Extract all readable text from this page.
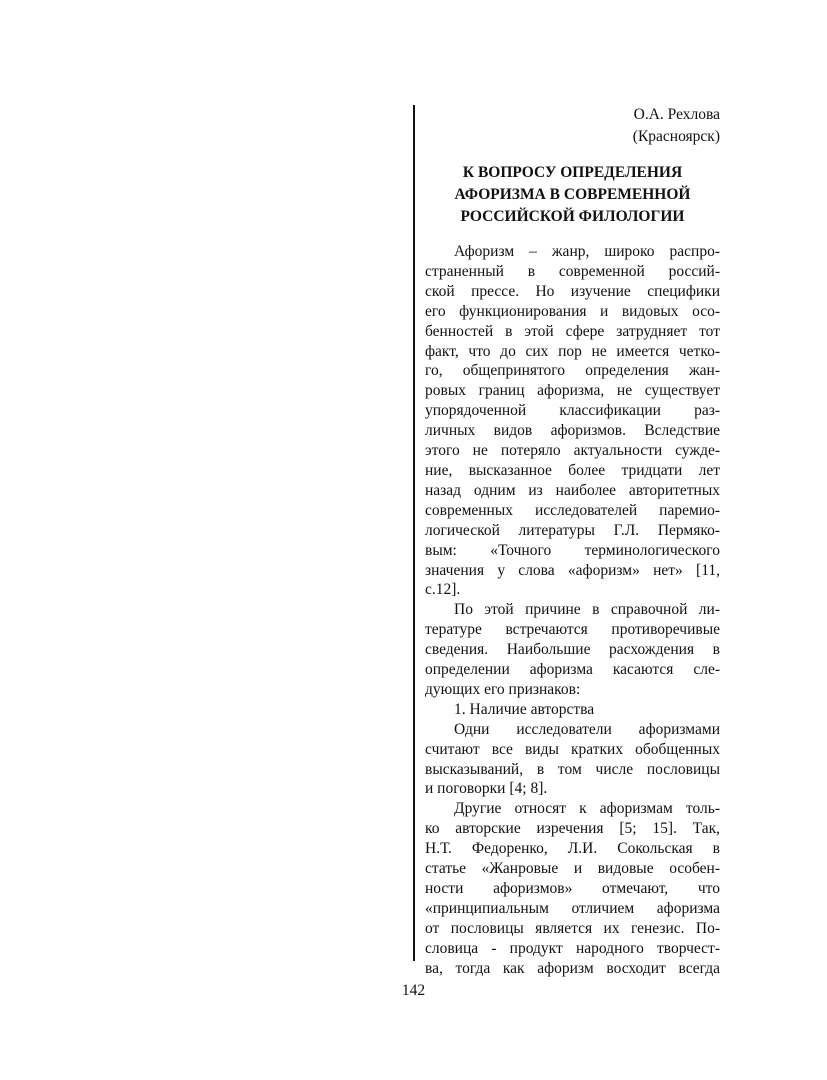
О.А. Рехлова
(Красноярск)
К ВОПРОСУ ОПРЕДЕЛЕНИЯ
АФОРИЗМА В СОВРЕМЕННОЙ
РОССИЙСКОЙ ФИЛОЛОГИИ
Афоризм – жанр, широко распро-
страненный в современной россий-
ской прессе. Но изучение специфики
его функционирования и видовых осо-
бенностей в этой сфере затрудняет тот
факт, что до сих пор не имеется четко-
го, общепринятого определения жан-
ровых границ афоризма, не существует
упорядоченной классификации раз-
личных видов афоризмов. Вследствие
этого не потеряло актуальности сужде-
ние, высказанное более тридцати лет
назад одним из наиболее авторитетных
современных исследователей паремио-
логической литературы Г.Л. Пермяко-
вым: «Точного терминологического
значения у слова «афоризм» нет» [11,
с.12].
По этой причине в справочной ли-
тературе встречаются противоречивые
сведения. Наибольшие расхождения в
определении афоризма касаются сле-
дующих его признаков:
1. Наличие авторства
Одни исследователи афоризмами
считают все виды кратких обобщенных
высказываний, в том числе пословицы
и поговорки [4; 8].
Другие относят к афоризмам толь-
ко авторские изречения [5; 15]. Так,
Н.Т. Федоренко, Л.И. Сокольская в
статье «Жанровые и видовые особен-
ности афоризмов» отмечают, что
«принципиальным отличием афоризма
от пословицы является их генезис. По-
словица - продукт народного творчест-
ва, тогда как афоризм восходит всегда
142
